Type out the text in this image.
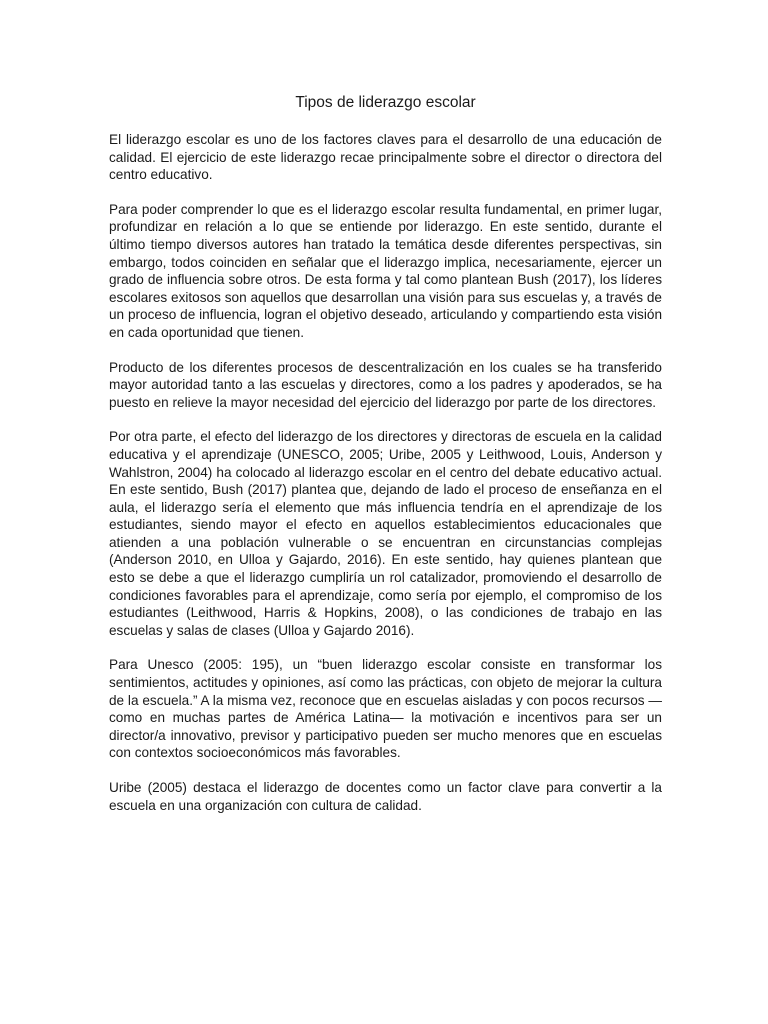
Tipos de liderazgo escolar

El liderazgo escolar es uno de los factores claves para el desarrollo de una educación de calidad. El ejercicio de este liderazgo recae principalmente sobre el director o directora del centro educativo.

Para poder comprender lo que es el liderazgo escolar resulta fundamental, en primer lugar, profundizar en relación a lo que se entiende por liderazgo. En este sentido, durante el último tiempo diversos autores han tratado la temática desde diferentes perspectivas, sin embargo, todos coinciden en señalar que el liderazgo implica, necesariamente, ejercer un grado de influencia sobre otros. De esta forma y tal como plantean Bush (2017), los líderes escolares exitosos son aquellos que desarrollan una visión para sus escuelas y, a través de un proceso de influencia, logran el objetivo deseado, articulando y compartiendo esta visión en cada oportunidad que tienen.

Producto de los diferentes procesos de descentralización en los cuales se ha transferido mayor autoridad tanto a las escuelas y directores, como a los padres y apoderados, se ha puesto en relieve la mayor necesidad del ejercicio del liderazgo por parte de los directores.

Por otra parte, el efecto del liderazgo de los directores y directoras de escuela en la calidad educativa y el aprendizaje (UNESCO, 2005; Uribe, 2005 y Leithwood, Louis, Anderson y Wahlstron, 2004) ha colocado al liderazgo escolar en el centro del debate educativo actual. En este sentido, Bush (2017) plantea que, dejando de lado el proceso de enseñanza en el aula, el liderazgo sería el elemento que más influencia tendría en el aprendizaje de los estudiantes, siendo mayor el efecto en aquellos establecimientos educacionales que atienden a una población vulnerable o se encuentran en circunstancias complejas (Anderson 2010, en Ulloa y Gajardo, 2016). En este sentido, hay quienes plantean que esto se debe a que el liderazgo cumpliría un rol catalizador, promoviendo el desarrollo de condiciones favorables para el aprendizaje, como sería por ejemplo, el compromiso de los estudiantes (Leithwood, Harris & Hopkins, 2008), o las condiciones de trabajo en las escuelas y salas de clases (Ulloa y Gajardo 2016).

Para Unesco (2005: 195), un “buen liderazgo escolar consiste en transformar los sentimientos, actitudes y opiniones, así como las prácticas, con objeto de mejorar la cultura de la escuela.” A la misma vez, reconoce que en escuelas aisladas y con pocos recursos —como en muchas partes de América Latina— la motivación e incentivos para ser un director/a innovativo, previsor y participativo pueden ser mucho menores que en escuelas con contextos socioeconómicos más favorables.

Uribe (2005) destaca el liderazgo de docentes como un factor clave para convertir a la escuela en una organización con cultura de calidad.
